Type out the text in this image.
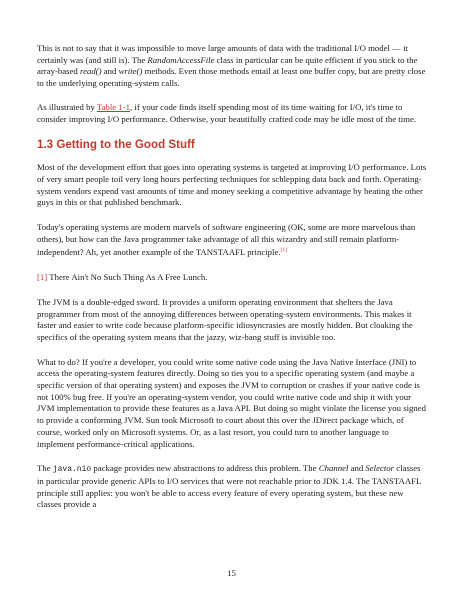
This is not to say that it was impossible to move large amounts of data with the traditional I/O model — it certainly was (and still is). The RandomAccessFile class in particular can be quite efficient if you stick to the array-based read() and write() methods. Even those methods entail at least one buffer copy, but are pretty close to the underlying operating-system calls.

As illustrated by Table 1-1, if your code finds itself spending most of its time waiting for I/O, it's time to consider improving I/O performance. Otherwise, your beautifully crafted code may be idle most of the time.

1.3 Getting to the Good Stuff

Most of the development effort that goes into operating systems is targeted at improving I/O performance. Lots of very smart people toil very long hours perfecting techniques for schlepping data back and forth. Operating-system vendors expend vast amounts of time and money seeking a competitive advantage by beating the other guys in this or that published benchmark.

Today's operating systems are modern marvels of software engineering (OK, some are more marvelous than others), but how can the Java programmer take advantage of all this wizardry and still remain platform-independent? Ah, yet another example of the TANSTAAFL principle.[1]

[1] There Ain't No Such Thing As A Free Lunch.

The JVM is a double-edged sword. It provides a uniform operating environment that shelters the Java programmer from most of the annoying differences between operating-system environments. This makes it faster and easier to write code because platform-specific idiosyncrasies are mostly hidden. But cloaking the specifics of the operating system means that the jazzy, wiz-bang stuff is invisible too.

What to do? If you're a developer, you could write some native code using the Java Native Interface (JNI) to access the operating-system features directly. Doing so ties you to a specific operating system (and maybe a specific version of that operating system) and exposes the JVM to corruption or crashes if your native code is not 100% bug free. If you're an operating-system vendor, you could write native code and ship it with your JVM implementation to provide these features as a Java API. But doing so might violate the license you signed to provide a conforming JVM. Sun took Microsoft to court about this over the JDirect package which, of course, worked only on Microsoft systems. Or, as a last resort, you could turn to another language to implement performance-critical applications.

The java.nio package provides new abstractions to address this problem. The Channel and Selector classes in particular provide generic APIs to I/O services that were not reachable prior to JDK 1.4. The TANSTAAFL principle still applies: you won't be able to access every feature of every operating system, but these new classes provide a

15
